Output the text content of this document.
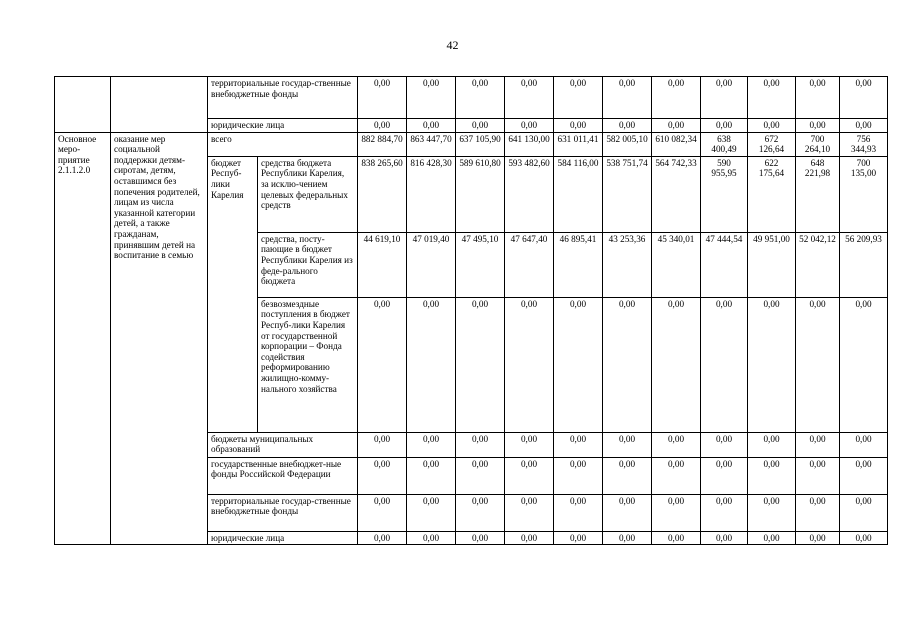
42
		территориальные государ-ственные внебюджетные фонды		0,00	0,00	0,00	0,00	0,00	0,00	0,00	0,00	0,00	0,00	0,00
		юридические лица		0,00	0,00	0,00	0,00	0,00	0,00	0,00	0,00	0,00	0,00	0,00
Основное меро-приятие 2.1.1.2.0	оказание мер социальной поддержки детям-сиротам, детям, оставшимся без попечения родителей, лицам из числа указанной категории детей, а также гражданам, принявшим детей на воспитание в семью	всего		882 884,70	863 447,70	637 105,90	641 130,00	631 011,41	582 005,10	610 082,34	638 400,49	672 126,64	700 264,10	756 344,93
		бюджет Респуб-лики Карелия	средства бюджета Республики Карелия, за исклю-чением целевых федеральных средств	838 265,60	816 428,30	589 610,80	593 482,60	584 116,00	538 751,74	564 742,33	590 955,95	622 175,64	648 221,98	700 135,00
			средства, посту-пающие в бюджет Республики Карелия из феде-рального бюджета	44 619,10	47 019,40	47 495,10	47 647,40	46 895,41	43 253,36	45 340,01	47 444,54	49 951,00	52 042,12	56 209,93
			безвозмездные поступления в бюджет Респуб-лики Карелия от государственной корпорации – Фонда содействия реформированию жилищно-комму-нального хозяйства	0,00	0,00	0,00	0,00	0,00	0,00	0,00	0,00	0,00	0,00	0,00
		бюджеты муниципальных образований		0,00	0,00	0,00	0,00	0,00	0,00	0,00	0,00	0,00	0,00	0,00
		государственные внебюджет-ные фонды Российской Федерации		0,00	0,00	0,00	0,00	0,00	0,00	0,00	0,00	0,00	0,00	0,00
		территориальные государ-ственные внебюджетные фонды		0,00	0,00	0,00	0,00	0,00	0,00	0,00	0,00	0,00	0,00	0,00
		юридические лица		0,00	0,00	0,00	0,00	0,00	0,00	0,00	0,00	0,00	0,00	0,00
